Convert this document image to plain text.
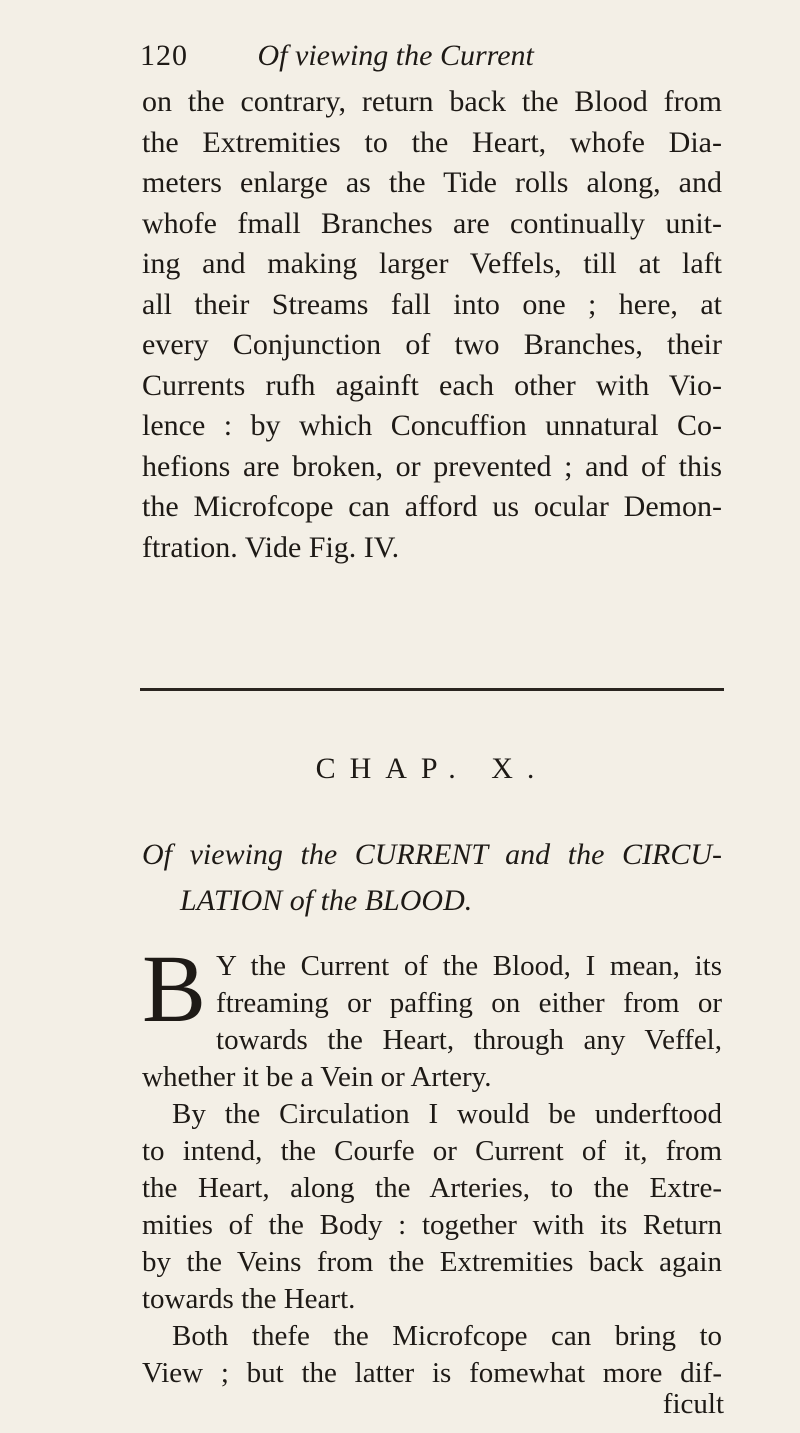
120 Of viewing the Current
on the contrary, return back the Blood from
the Extremities to the Heart, whofe Dia-
meters enlarge as the Tide rolls along, and
whofe fmall Branches are continually unit-
ing and making larger Veffels, till at laft
all their Streams fall into one ; here, at
every Conjunction of two Branches, their
Currents rufh againft each other with Vio-
lence : by which Concuffion unnatural Co-
hefions are broken, or prevented ; and of this
the Microfcope can afford us ocular Demon-
ftration. Vide Fig. IV.
CHAP. X.
Of viewing the CURRENT and the CIRCU-
LATION of the BLOOD.
B Y the Current of the Blood, I mean, its
ftreaming or paffing on either from or
towards the Heart, through any Veffel,
whether it be a Vein or Artery.
By the Circulation I would be underftood
to intend, the Courfe or Current of it, from
the Heart, along the Arteries, to the Extre-
mities of the Body : together with its Return
by the Veins from the Extremities back again
towards the Heart.
Both thefe the Microfcope can bring to
View ; but the latter is fomewhat more dif-
ficult
